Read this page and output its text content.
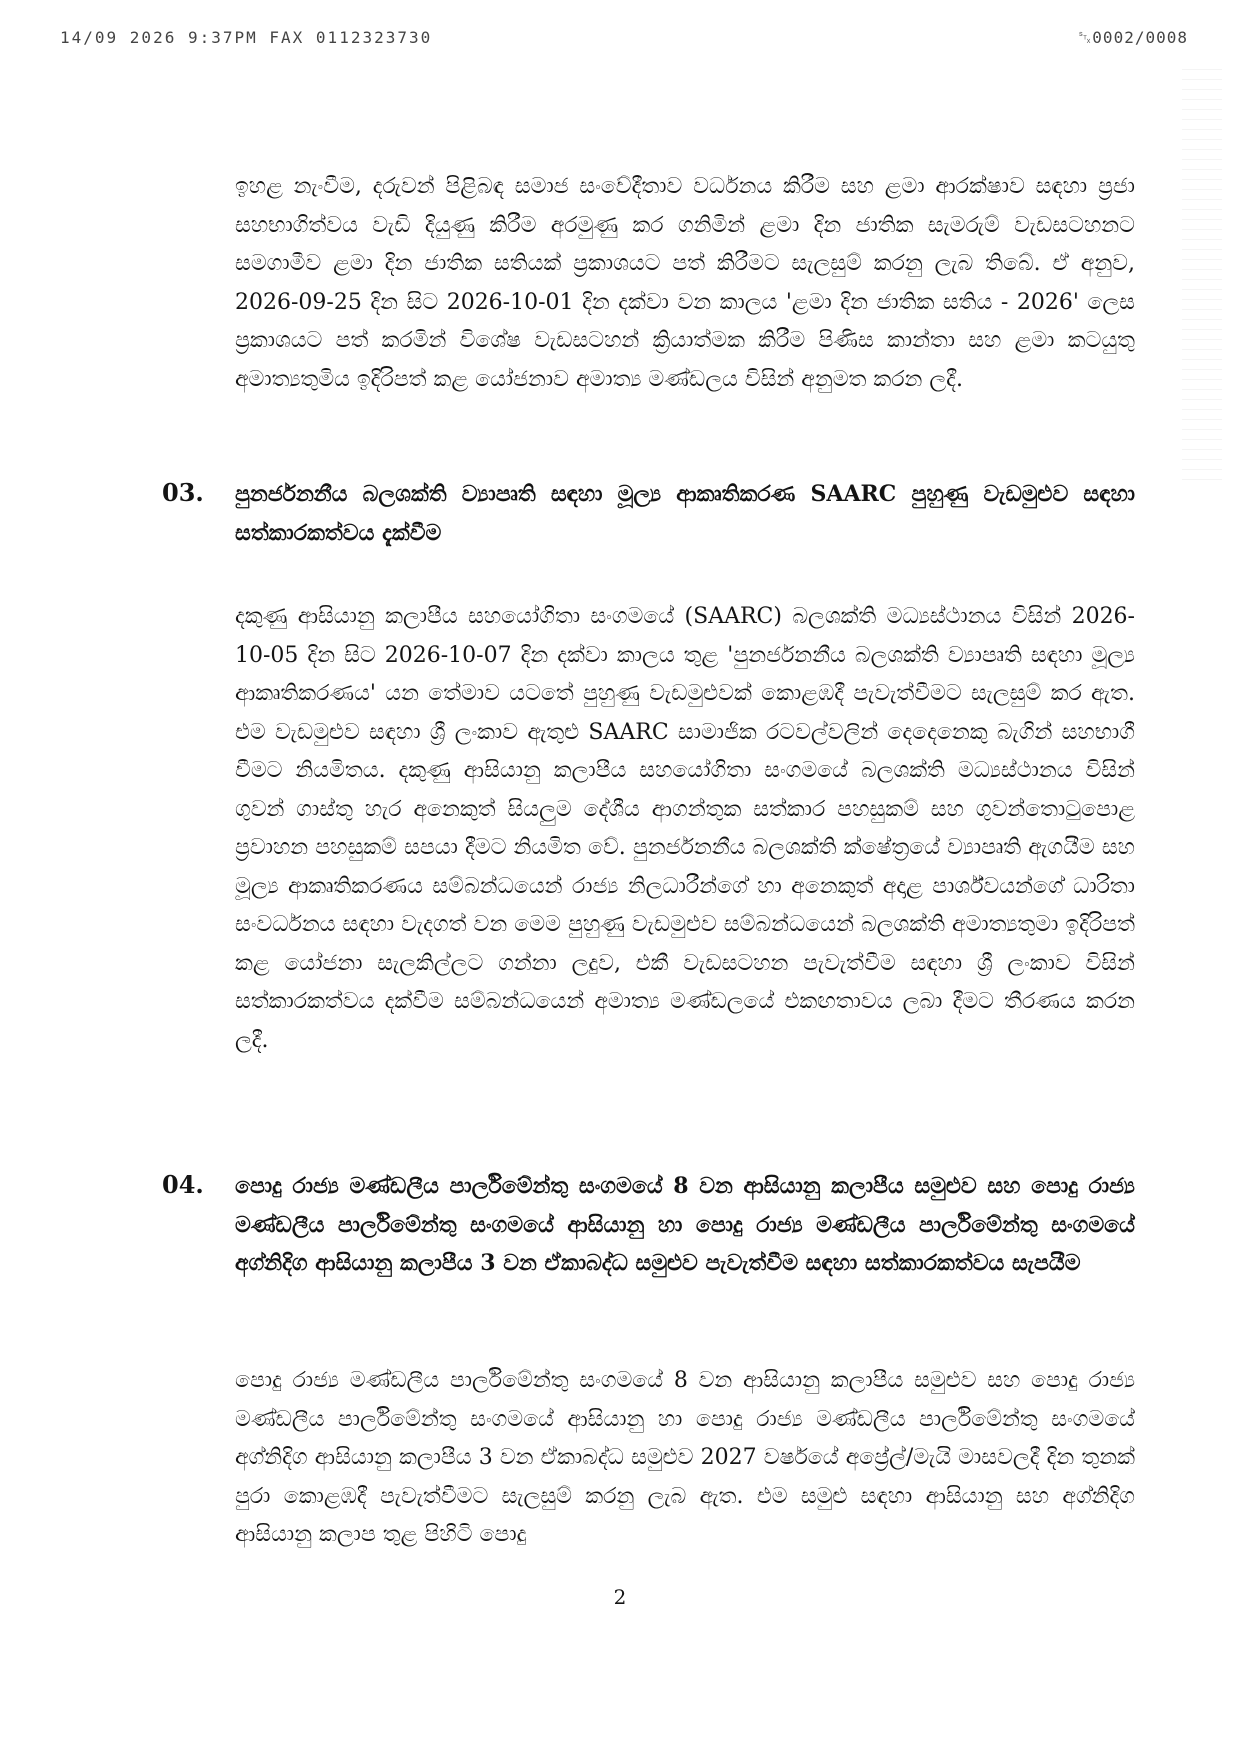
14/09 2026 9:37PM FAX 0112323730	␂0002/0008
ඉහළ නැංවීම, දරුවන් පිළිබඳ සමාජ සංවේදීතාව වර්ධනය කිරීම සහ ළමා ආරක්ෂාව සඳහා ප්‍රජා සහභාගිත්වය වැඩි දියුණු කිරීම අරමුණු කර ගනිමින් ළමා දින ජාතික සැමරුම් වැඩසටහනට සමගාමීව ළමා දින ජාතික සතියක් ප්‍රකාශයට පත් කිරීමට සැලසුම් කරනු ලැබ තිබේ. ඒ අනුව, 2026-09-25 දින සිට 2026-10-01 දින දක්වා වන කාලය 'ළමා දින ජාතික සතිය - 2026' ලෙස ප්‍රකාශයට පත් කරමින් විශේෂ වැඩසටහන් ක්‍රියාත්මක කිරීම පිණිස කාන්තා සහ ළමා කටයුතු අමාත්‍යතුමිය ඉදිරිපත් කළ යෝජනාව අමාත්‍ය මණ්ඩලය විසින් අනුමත කරන ලදී.
03. පුනර්ජනනීය බලශක්ති ව්‍යාපෘති සඳහා මූල්‍ය ආකෘතිකරණ SAARC පුහුණු වැඩමුළුව සඳහා සත්කාරකත්වය දැක්වීම
දකුණු ආසියානු කලාපීය සහයෝගිතා සංගමයේ (SAARC) බලශක්ති මධ්‍යස්ථානය විසින් 2026-10-05 දින සිට 2026-10-07 දින දක්වා කාලය තුළ 'පුනර්ජනනීය බලශක්ති ව්‍යාපෘති සඳහා මූල්‍ය ආකෘතිකරණය' යන තේමාව යටතේ පුහුණු වැඩමුළුවක් කොළඹදී පැවැත්වීමට සැලසුම් කර ඇත. එම වැඩමුළුව සඳහා ශ්‍රී ලංකාව ඇතුළු SAARC සාමාජික රටවල්වලින් දෙදෙනෙකු බැගින් සහභාගී වීමට නියමිතය. දකුණු ආසියානු කලාපීය සහයෝගිතා සංගමයේ බලශක්ති මධ්‍යස්ථානය විසින් ගුවන් ගාස්තු හැර අනෙකුත් සියලුම දේශීය ආගන්තුක සත්කාර පහසුකම් සහ ගුවන්තොටුපොළ ප්‍රවාහන පහසුකම් සපයා දීමට නියමිත වේ. පුනර්ජනනීය බලශක්ති ක්ෂේත්‍රයේ ව්‍යාපෘති ඇගයීම සහ මූල්‍ය ආකෘතිකරණය සම්බන්ධයෙන් රාජ්‍ය නිලධාරීන්ගේ හා අනෙකුත් අදාළ පාර්ශ්වයන්ගේ ධාරිතා සංවර්ධනය සඳහා වැදගත් වන මෙම පුහුණු වැඩමුළුව සම්බන්ධයෙන් බලශක්ති අමාත්‍යතුමා ඉදිරිපත් කළ යෝජනා සැලකිල්ලට ගන්නා ලදුව, එකී වැඩසටහන පැවැත්වීම සඳහා ශ්‍රී ලංකාව විසින් සත්කාරකත්වය දක්වීම සම්බන්ධයෙන් අමාත්‍ය මණ්ඩලයේ එකඟතාවය ලබා දීමට තීරණය කරන ලදී.
04. පොදු රාජ්‍ය මණ්ඩලීය පාර්ලිමේන්තු සංගමයේ 8 වන ආසියානු කලාපීය සමුළුව සහ පොදු රාජ්‍ය මණ්ඩලීය පාර්ලිමේන්තු සංගමයේ ආසියානු හා පොදු රාජ්‍ය මණ්ඩලීය පාර්ලිමේන්තු සංගමයේ අග්නිදිග ආසියානු කලාපීය 3 වන ඒකාබද්ධ සමුළුව පැවැත්වීම සඳහා සත්කාරකත්වය සැපයීම
පොදු රාජ්‍ය මණ්ඩලීය පාර්ලිමේන්තු සංගමයේ 8 වන ආසියානු කලාපීය සමුළුව සහ පොදු රාජ්‍ය මණ්ඩලීය පාර්ලිමේන්තු සංගමයේ ආසියානු හා පොදු රාජ්‍ය මණ්ඩලීය පාර්ලිමේන්තු සංගමයේ අග්නිදිග ආසියානු කලාපීය 3 වන ඒකාබද්ධ සමුළුව 2027 වර්ෂයේ අප්‍රේල්/මැයි මාසවලදී දින තුනක් පුරා කොළඹදී පැවැත්වීමට සැලසුම් කරනු ලැබ ඇත. එම සමුළු සඳහා ආසියානු සහ අග්නිදිග ආසියානු කලාප තුළ පිහිටි පොදු
2
